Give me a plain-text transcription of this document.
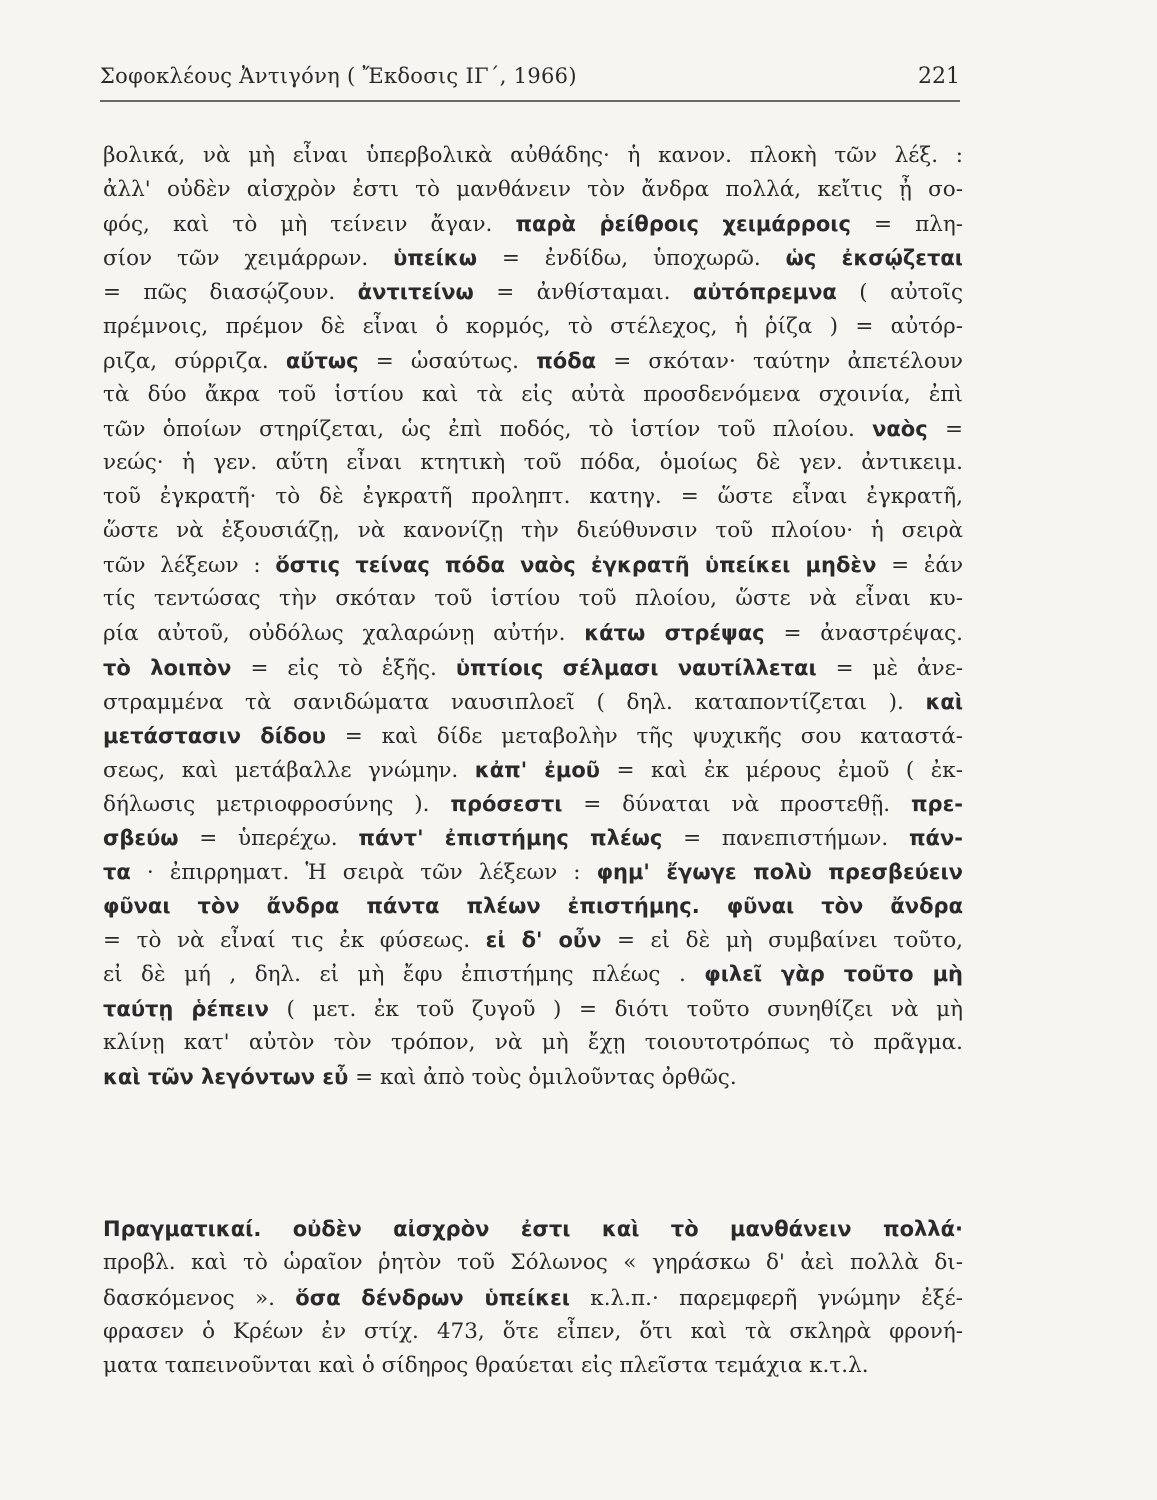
Σοφοκλέους Ἀντιγόνη ( Ἔκδοσις ΙΓ΄, 1966)	221
βολικά, νὰ μὴ εἶναι ὑπερβολικὰ αὐθάδης· ἡ κανον. πλοκὴ τῶν λέξ. :
ἀλλ' οὐδὲν αἰσχρὸν ἐστι τὸ μανθάνειν τὸν ἄνδρα πολλά, κεἴτις ᾖ σο-
φός, καὶ τὸ μὴ τείνειν ἄγαν. παρὰ ῥείθροις χειμάρροις = πλη-
σίον τῶν χειμάρρων. ὑπείκω = ἐνδίδω, ὑποχωρῶ. ὡς ἐκσῴζεται
= πῶς διασῴζουν. ἀντιτείνω = ἀνθίσταμαι. αὐτόπρεμνα ( αὐτοῖς
πρέμνοις, πρέμον δὲ εἶναι ὁ κορμός, τὸ στέλεχος, ἡ ῥίζα ) = αὐτόρ-
ριζα, σύρριζα. αὔτως = ὡσαύτως. πόδα = σκόταν· ταύτην ἀπετέλουν
τὰ δύο ἄκρα τοῦ ἱστίου καὶ τὰ εἰς αὐτὰ προσδενόμενα σχοινία, ἐπὶ
τῶν ὁποίων στηρίζεται, ὡς ἐπὶ ποδός, τὸ ἱστίον τοῦ πλοίου. ναὸς =
νεώς· ἡ γεν. αὕτη εἶναι κτητικὴ τοῦ πόδα, ὁμοίως δὲ γεν. ἀντικειμ.
τοῦ ἐγκρατῆ· τὸ δὲ ἐγκρατῆ προληπτ. κατηγ. = ὥστε εἶναι ἐγκρατῆ,
ὥστε νὰ ἐξουσιάζῃ, νὰ κανονίζῃ τὴν διεύθυνσιν τοῦ πλοίου· ἡ σειρὰ
τῶν λέξεων : ὅστις τείνας πόδα ναὸς ἐγκρατῆ ὑπείκει μηδὲν = ἐάν
τίς τεντώσας τὴν σκόταν τοῦ ἱστίου τοῦ πλοίου, ὥστε νὰ εἶναι κυ-
ρία αὐτοῦ, οὐδόλως χαλαρώνῃ αὐτήν. κάτω στρέψας = ἀναστρέψας.
τὸ λοιπὸν = εἰς τὸ ἑξῆς. ὑπτίοις σέλμασι ναυτίλλεται = μὲ ἀνε-
στραμμένα τὰ σανιδώματα ναυσιπλοεῖ ( δηλ. καταποντίζεται ). καὶ
μετάστασιν δίδου = καὶ δίδε μεταβολὴν τῆς ψυχικῆς σου καταστά-
σεως, καὶ μετάβαλλε γνώμην. κἀπ' ἐμοῦ = καὶ ἐκ μέρους ἐμοῦ ( ἐκ-
δήλωσις μετριοφροσύνης ). πρόσεστι = δύναται νὰ προστεθῇ. πρε-
σβεύω = ὑπερέχω. πάντ' ἐπιστήμης πλέως = πανεπιστήμων. πάν-
τα · ἐπιρρηματ. Ἡ σειρὰ τῶν λέξεων : φημ' ἔγωγε πολὺ πρεσβεύειν
φῦναι τὸν ἄνδρα πάντα πλέων ἐπιστήμης. φῦναι τὸν ἄνδρα
= τὸ νὰ εἶναί τις ἐκ φύσεως. εἰ δ' οὖν = εἰ δὲ μὴ συμβαίνει τοῦτο,
εἰ δὲ μή , δηλ. εἰ μὴ ἔφυ ἐπιστήμης πλέως . φιλεῖ γὰρ τοῦτο μὴ
ταύτῃ ῥέπειν ( μετ. ἐκ τοῦ ζυγοῦ ) = διότι τοῦτο συνηθίζει νὰ μὴ
κλίνῃ κατ' αὐτὸν τὸν τρόπον, νὰ μὴ ἔχῃ τοιουτοτρόπως τὸ πρᾶγμα.
καὶ τῶν λεγόντων εὖ = καὶ ἀπὸ τοὺς ὁμιλοῦντας ὀρθῶς.
Πραγματικαί. οὐδὲν αἰσχρὸν ἐστι καὶ τὸ μανθάνειν πολλά·
προβλ. καὶ τὸ ὡραῖον ῥητὸν τοῦ Σόλωνος « γηράσκω δ' ἀεὶ πολλὰ δι-
δασκόμενος ». ὅσα δένδρων ὑπείκει κ.λ.π.· παρεμφερῆ γνώμην ἐξέ-
φρασεν ὁ Κρέων ἐν στίχ. 473, ὅτε εἶπεν, ὅτι καὶ τὰ σκληρὰ φρονή-
ματα ταπεινοῦνται καὶ ὁ σίδηρος θραύεται εἰς πλεῖστα τεμάχια κ.τ.λ.
